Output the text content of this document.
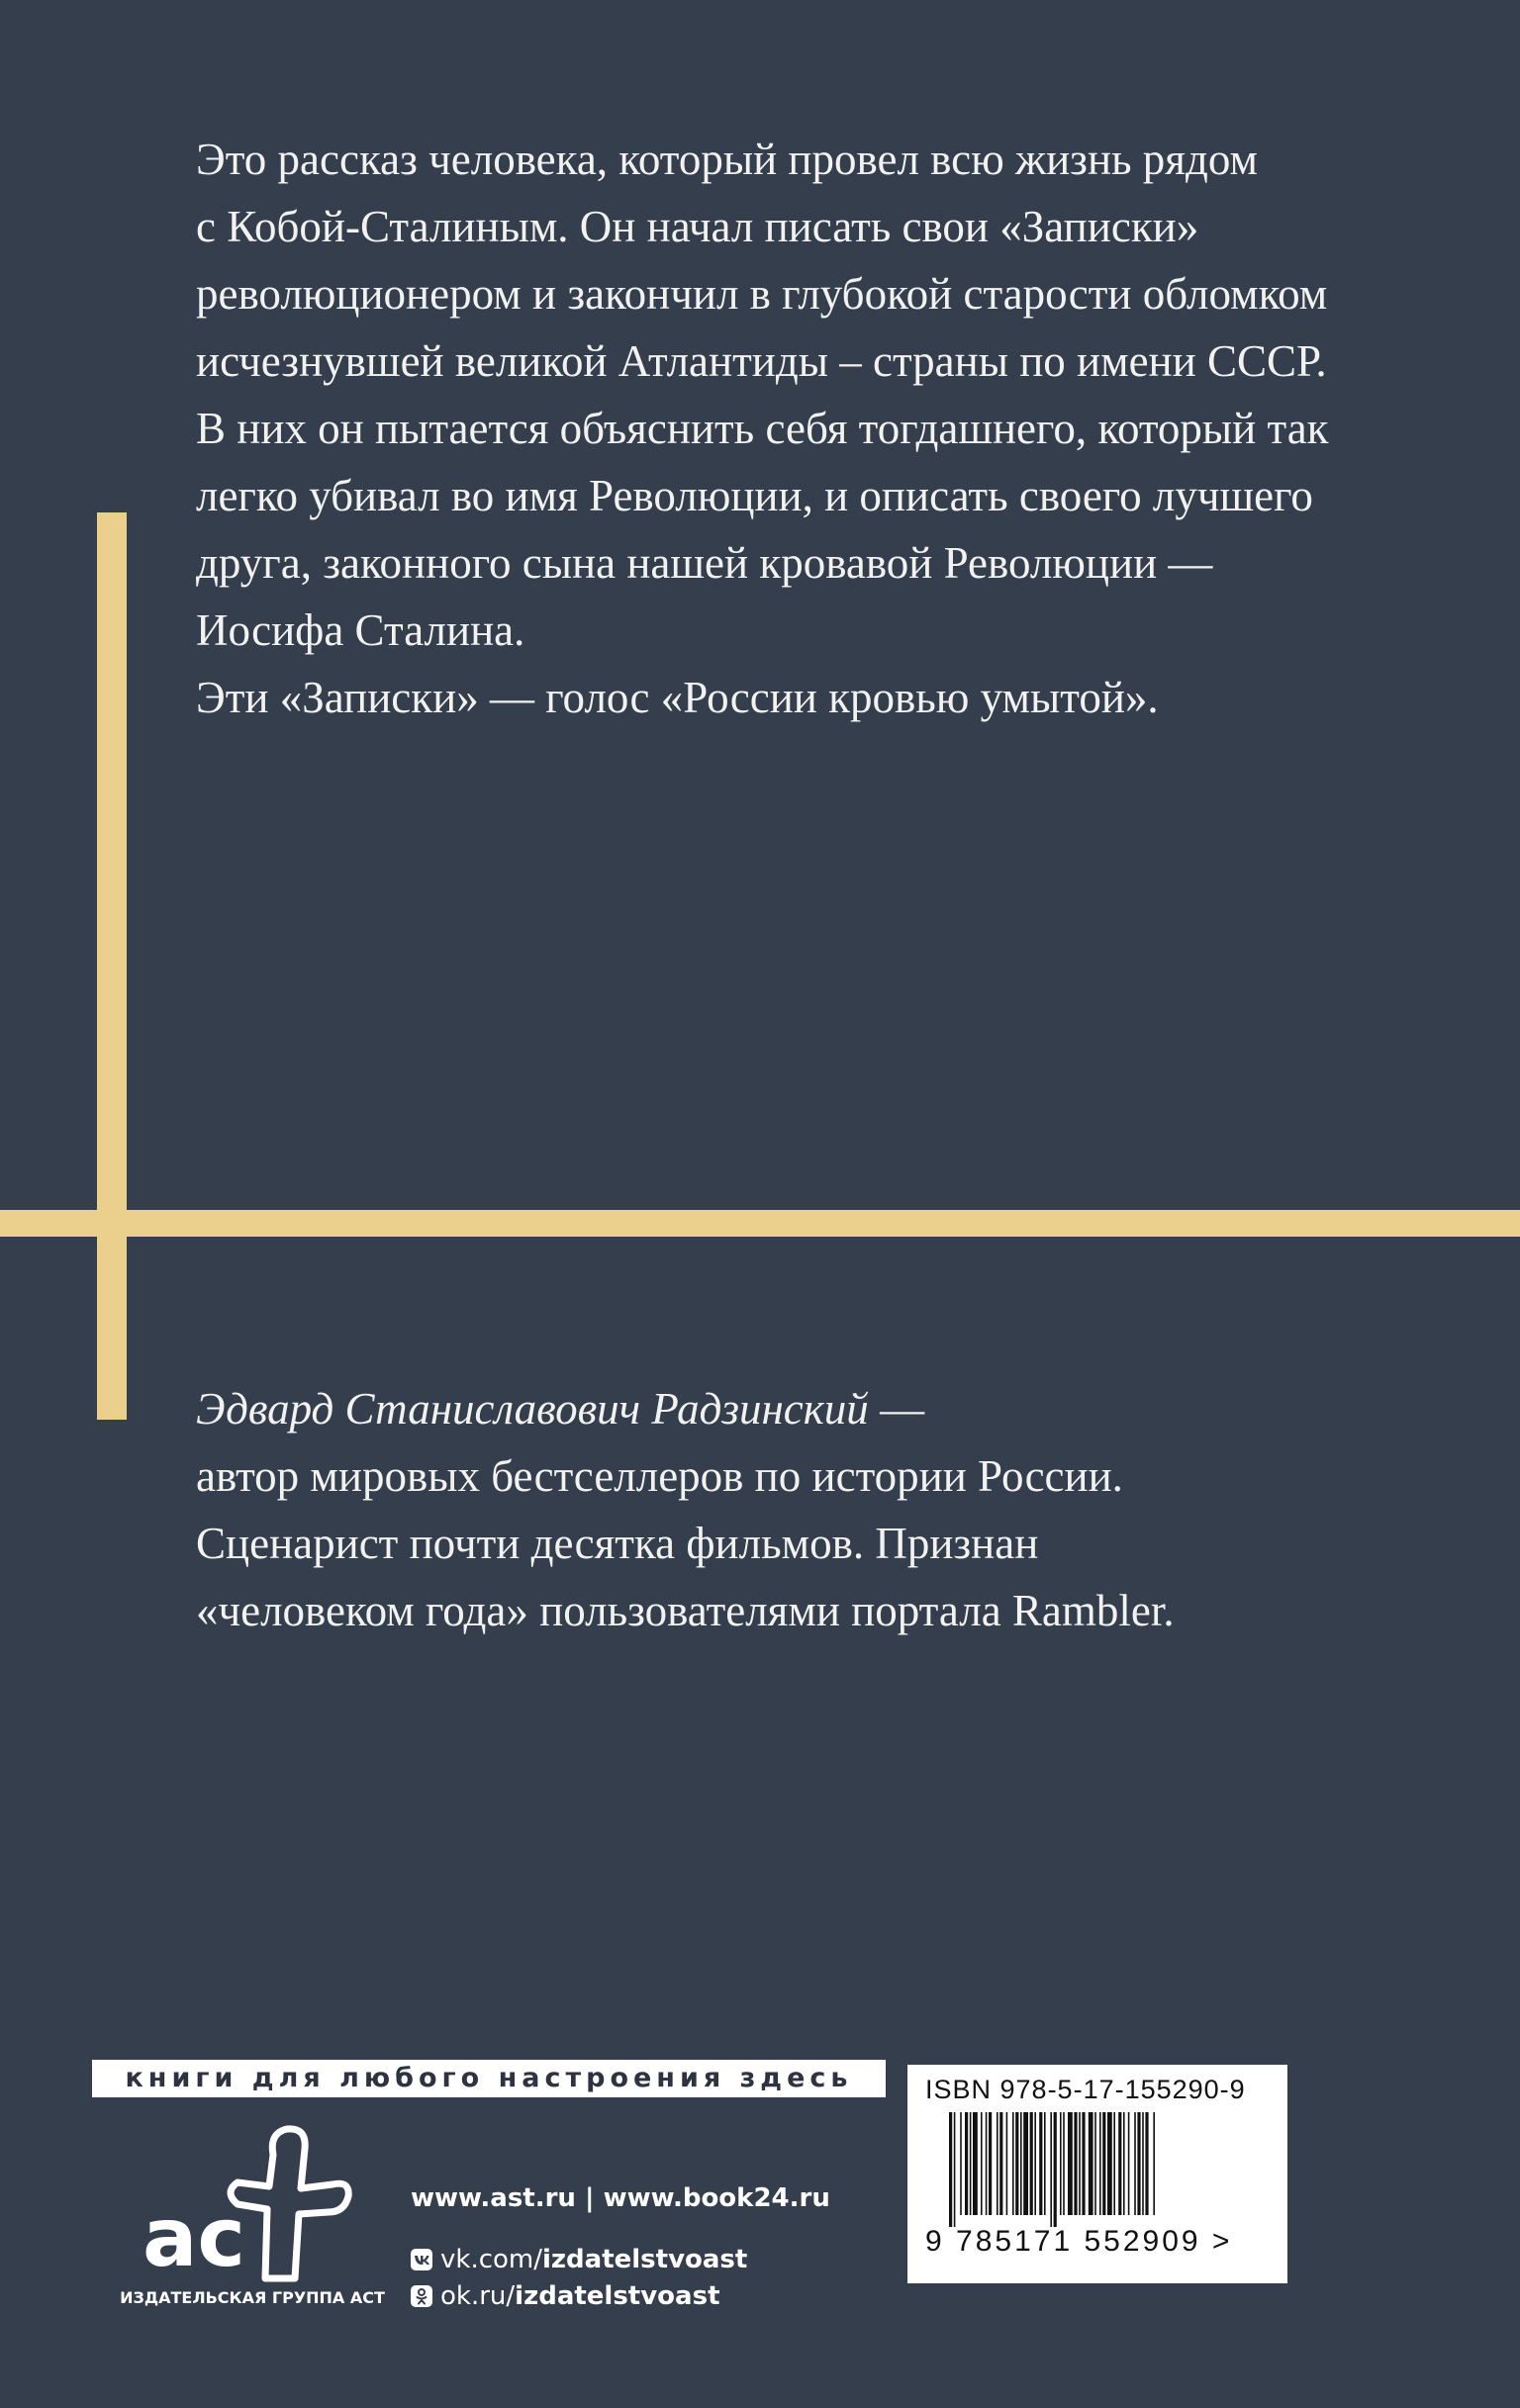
Это рассказ человека, который провел всю жизнь рядом
с Кобой-Сталиным. Он начал писать свои «Записки»
революционером и закончил в глубокой старости обломком
исчезнувшей великой Атлантиды – страны по имени СССР.
В них он пытается объяснить себя тогдашнего, который так
легко убивал во имя Революции, и описать своего лучшего
друга, законного сына нашей кровавой Революции —
Иосифа Сталина.
Эти «Записки» — голос «России кровью умытой».
Эдвард Станиславович Радзинский —
автор мировых бестселлеров по истории России.
Сценарист почти десятка фильмов. Признан
«человеком года» пользователями портала Rambler.
книги для любого настроения здесь
ac
ИЗДАТЕЛЬСКАЯ ГРУППА АСТ
www.ast.ru | www.book24.ru
vk.com/izdatelstvoast
ok.ru/izdatelstvoast
ISBN 978-5-17-155290-9
9 785171 552909 >
